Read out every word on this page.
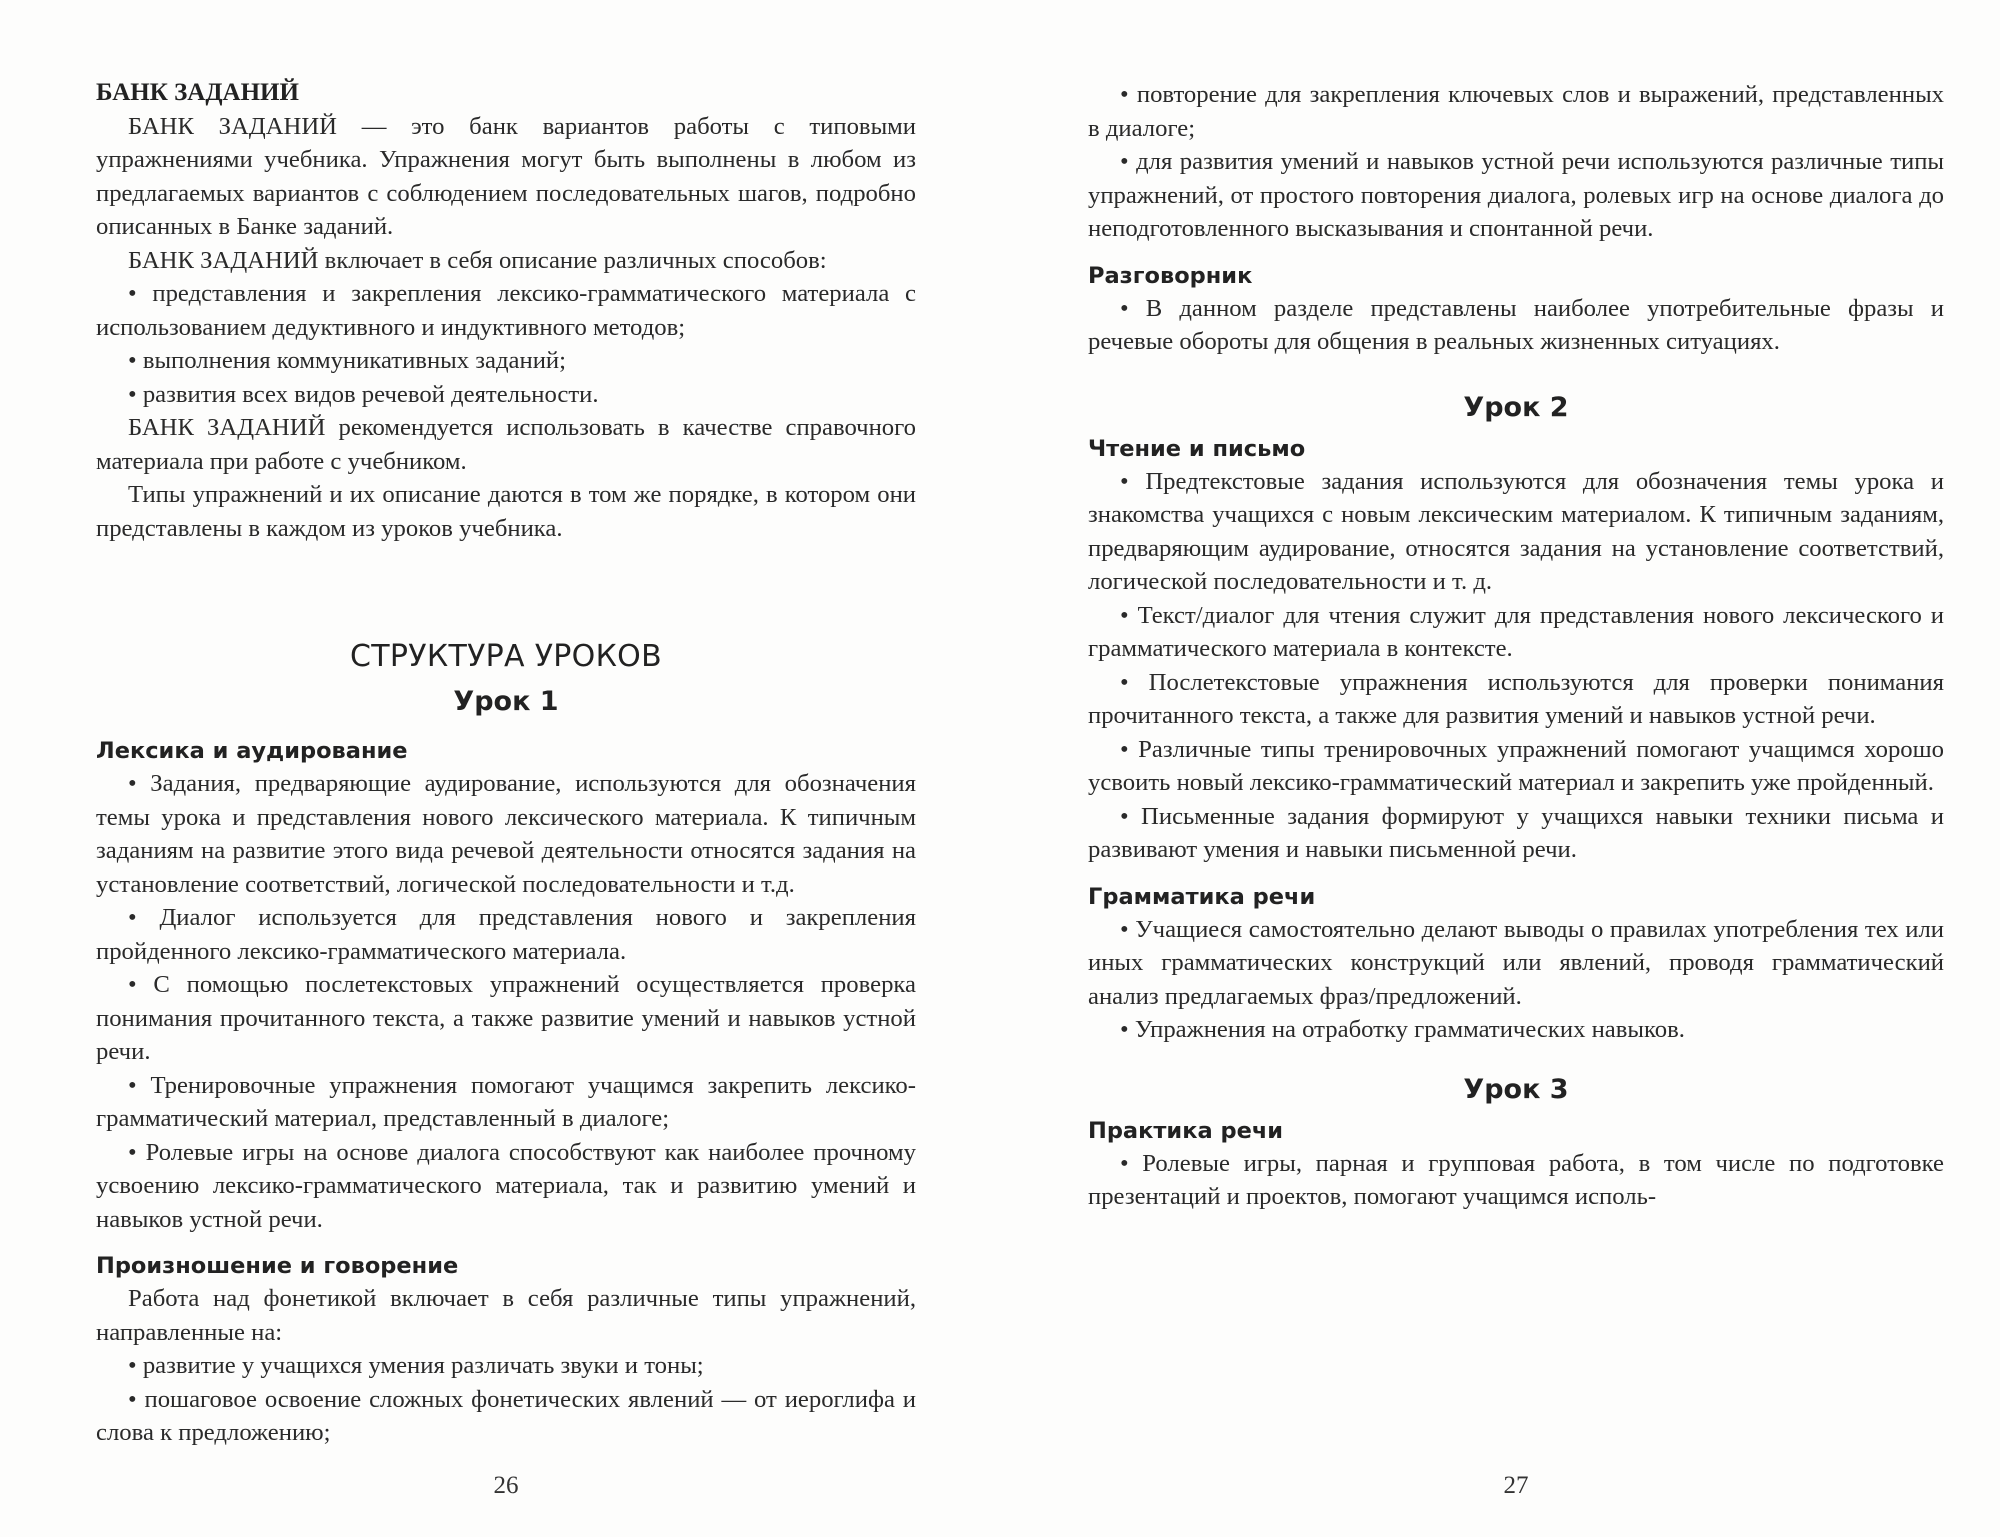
БАНК ЗАДАНИЙ

БАНК ЗАДАНИЙ — это банк вариантов работы с типовыми упражнениями учебника. Упражнения могут быть выполнены в любом из предлагаемых вариантов с соблюдением последовательных шагов, подробно описанных в Банке заданий.

БАНК ЗАДАНИЙ включает в себя описание различных способов:

• представления и закрепления лексико-грамматического материала с использованием дедуктивного и индуктивного методов;

• выполнения коммуникативных заданий;

• развития всех видов речевой деятельности.

БАНК ЗАДАНИЙ рекомендуется использовать в качестве справочного материала при работе с учебником.

Типы упражнений и их описание даются в том же порядке, в котором они представлены в каждом из уроков учебника.

СТРУКТУРА УРОКОВ
Урок 1
Лексика и аудирование

• Задания, предваряющие аудирование, используются для обозначения темы урока и представления нового лексического материала. К типичным заданиям на развитие этого вида речевой деятельности относятся задания на установление соответствий, логической последовательности и т.д.

• Диалог используется для представления нового и закрепления пройденного лексико-грамматического материала.

• С помощью послетекстовых упражнений осуществляется проверка понимания прочитанного текста, а также развитие умений и навыков устной речи.

• Тренировочные упражнения помогают учащимся закрепить лексико-грамматический материал, представленный в диалоге;

• Ролевые игры на основе диалога способствуют как наиболее прочному усвоению лексико-грамматического материала, так и развитию умений и навыков устной речи.

Произношение и говорение

Работа над фонетикой включает в себя различные типы упражнений, направленные на:

• развитие у учащихся умения различать звуки и тоны;

• пошаговое освоение сложных фонетических явлений — от иероглифа и слова к предложению;

26

• повторение для закрепления ключевых слов и выражений, представленных в диалоге;

• для развития умений и навыков устной речи используются различные типы упражнений, от простого повторения диалога, ролевых игр на основе диалога до неподготовленного высказывания и спонтанной речи.

Разговорник

• В данном разделе представлены наиболее употребительные фразы и речевые обороты для общения в реальных жизненных ситуациях.

Урок 2
Чтение и письмо

• Предтекстовые задания используются для обозначения темы урока и знакомства учащихся с новым лексическим материалом. К типичным заданиям, предваряющим аудирование, относятся задания на установление соответствий, логической последовательности и т. д.

• Текст/диалог для чтения служит для представления нового лексического и грамматического материала в контексте.

• Послетекстовые упражнения используются для проверки понимания прочитанного текста, а также для развития умений и навыков устной речи.

• Различные типы тренировочных упражнений помогают учащимся хорошо усвоить новый лексико-грамматический материал и закрепить уже пройденный.

• Письменные задания формируют у учащихся навыки техники письма и развивают умения и навыки письменной речи.

Грамматика речи

• Учащиеся самостоятельно делают выводы о правилах употребления тех или иных грамматических конструкций или явлений, проводя грамматический анализ предлагаемых фраз/предложений.

• Упражнения на отработку грамматических навыков.

Урок 3
Практика речи

• Ролевые игры, парная и групповая работа, в том числе по подготовке презентаций и проектов, помогают учащимся исполь-

27
